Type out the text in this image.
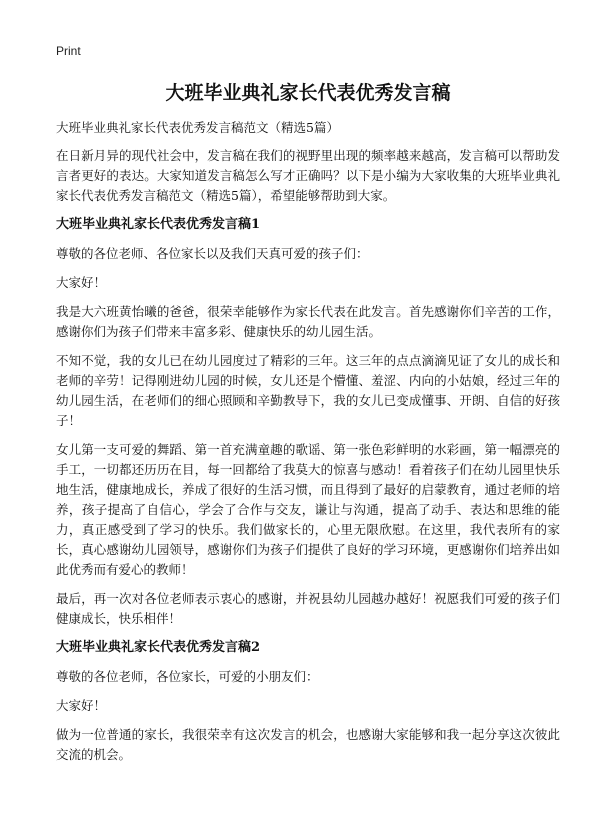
Print
大班毕业典礼家长代表优秀发言稿

大班毕业典礼家长代表优秀发言稿范文（精选5篇）

在日新月异的现代社会中，发言稿在我们的视野里出现的频率越来越高，发言稿可以帮助发言者更好的表达。大家知道发言稿怎么写才正确吗？以下是小编为大家收集的大班毕业典礼家长代表优秀发言稿范文（精选5篇），希望能够帮助到大家。

大班毕业典礼家长代表优秀发言稿1

尊敬的各位老师、各位家长以及我们天真可爱的孩子们：

大家好！

我是大六班黄怡曦的爸爸，很荣幸能够作为家长代表在此发言。首先感谢你们辛苦的工作，感谢你们为孩子们带来丰富多彩、健康快乐的幼儿园生活。

不知不觉，我的女儿已在幼儿园度过了精彩的三年。这三年的点点滴滴见证了女儿的成长和老师的辛劳！记得刚进幼儿园的时候，女儿还是个懵懂、羞涩、内向的小姑娘，经过三年的幼儿园生活，在老师们的细心照顾和辛勤教导下，我的女儿已变成懂事、开朗、自信的好孩子！

女儿第一支可爱的舞蹈、第一首充满童趣的歌谣、第一张色彩鲜明的水彩画，第一幅漂亮的手工，一切都还历历在目，每一回都给了我莫大的惊喜与感动！看着孩子们在幼儿园里快乐地生活，健康地成长，养成了很好的生活习惯，而且得到了最好的启蒙教育，通过老师的培养，孩子提高了自信心，学会了合作与交友，谦让与沟通，提高了动手、表达和思维的能力，真正感受到了学习的快乐。我们做家长的，心里无限欣慰。在这里，我代表所有的家长，真心感谢幼儿园领导，感谢你们为孩子们提供了良好的学习环境，更感谢你们培养出如此优秀而有爱心的教师！

最后，再一次对各位老师表示衷心的感谢，并祝县幼儿园越办越好！祝愿我们可爱的孩子们健康成长，快乐相伴！

大班毕业典礼家长代表优秀发言稿2

尊敬的各位老师，各位家长，可爱的小朋友们：

大家好！

做为一位普通的家长，我很荣幸有这次发言的机会，也感谢大家能够和我一起分享这次彼此交流的机会。
